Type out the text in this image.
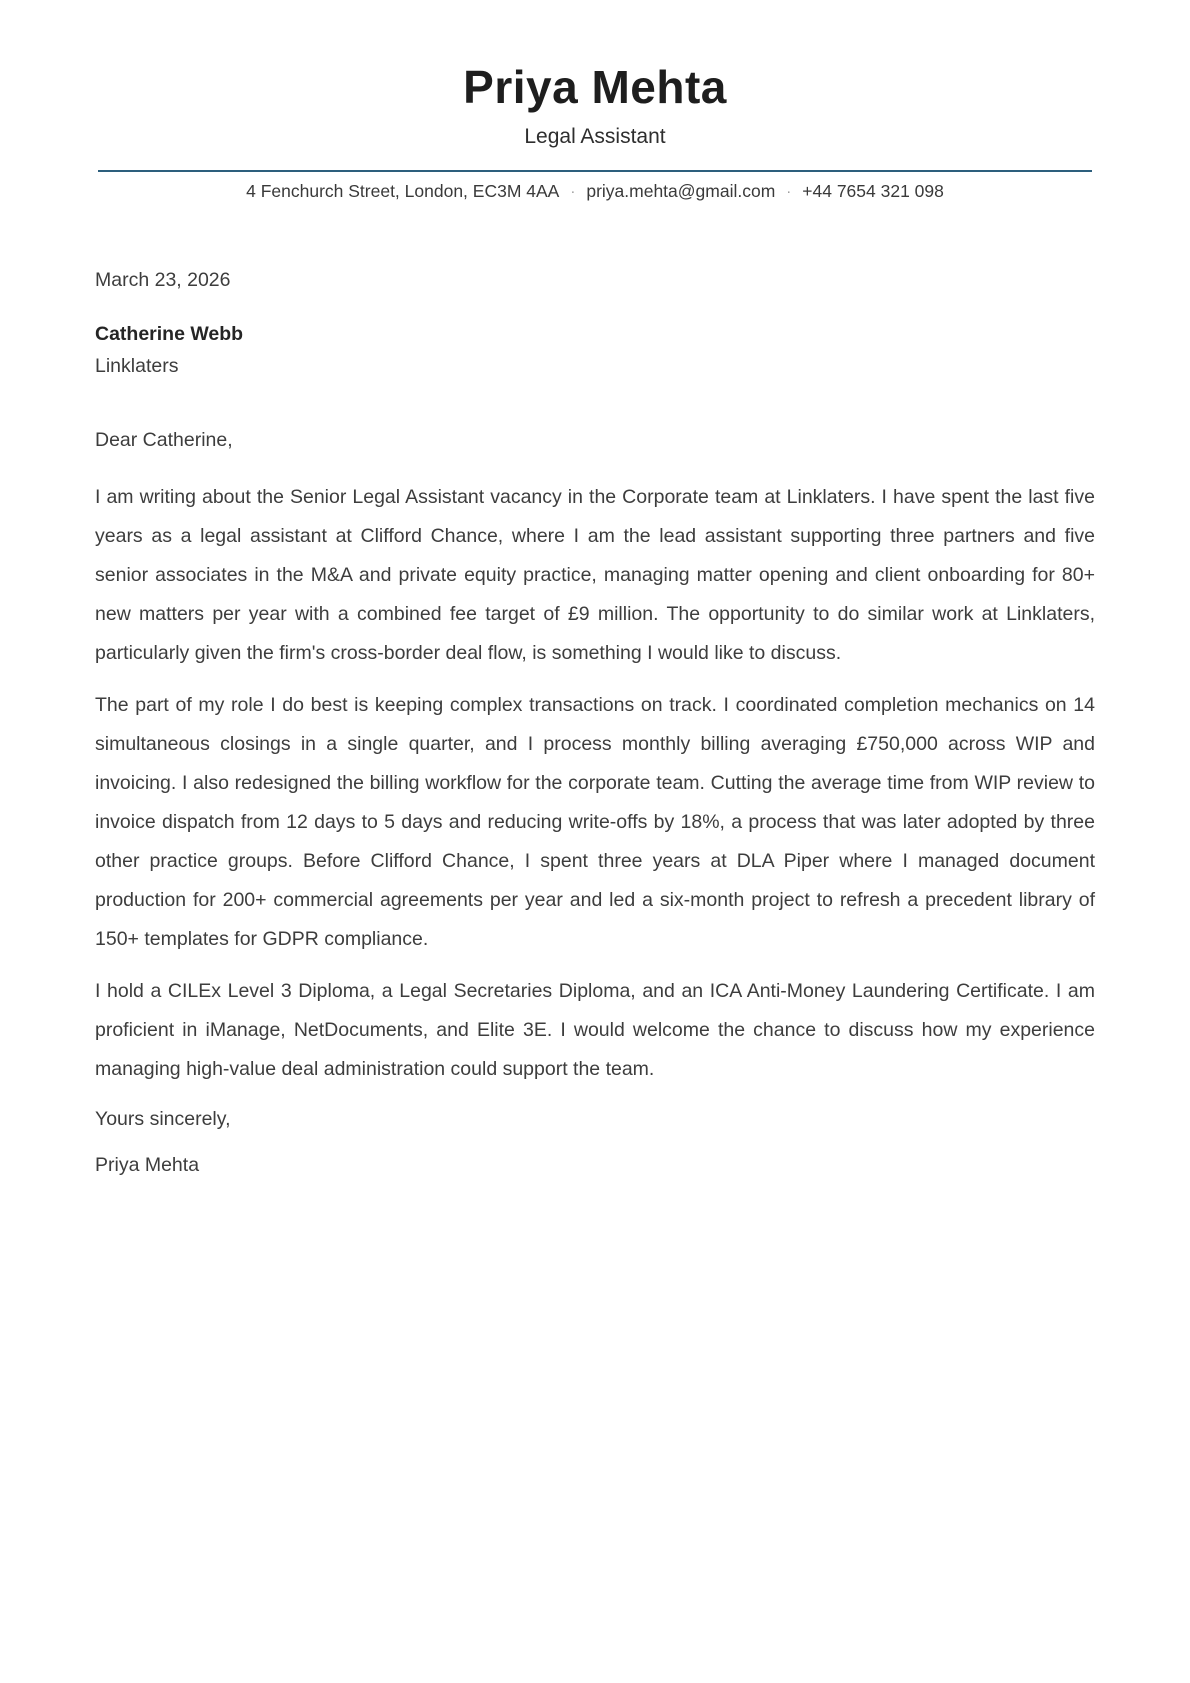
Priya Mehta
Legal Assistant
4 Fenchurch Street, London, EC3M 4AA · priya.mehta@gmail.com · +44 7654 321 098

March 23, 2026

Catherine Webb

Linklaters

Dear Catherine,

I am writing about the Senior Legal Assistant vacancy in the Corporate team at Linklaters. I have spent the last five years as a legal assistant at Clifford Chance, where I am the lead assistant supporting three partners and five senior associates in the M&A and private equity practice, managing matter opening and client onboarding for 80+ new matters per year with a combined fee target of £9 million. The opportunity to do similar work at Linklaters, particularly given the firm's cross-border deal flow, is something I would like to discuss.

The part of my role I do best is keeping complex transactions on track. I coordinated completion mechanics on 14 simultaneous closings in a single quarter, and I process monthly billing averaging £750,000 across WIP and invoicing. I also redesigned the billing workflow for the corporate team. Cutting the average time from WIP review to invoice dispatch from 12 days to 5 days and reducing write-offs by 18%, a process that was later adopted by three other practice groups. Before Clifford Chance, I spent three years at DLA Piper where I managed document production for 200+ commercial agreements per year and led a six-month project to refresh a precedent library of 150+ templates for GDPR compliance.

I hold a CILEx Level 3 Diploma, a Legal Secretaries Diploma, and an ICA Anti-Money Laundering Certificate. I am proficient in iManage, NetDocuments, and Elite 3E. I would welcome the chance to discuss how my experience managing high-value deal administration could support the team.

Yours sincerely,

Priya Mehta
